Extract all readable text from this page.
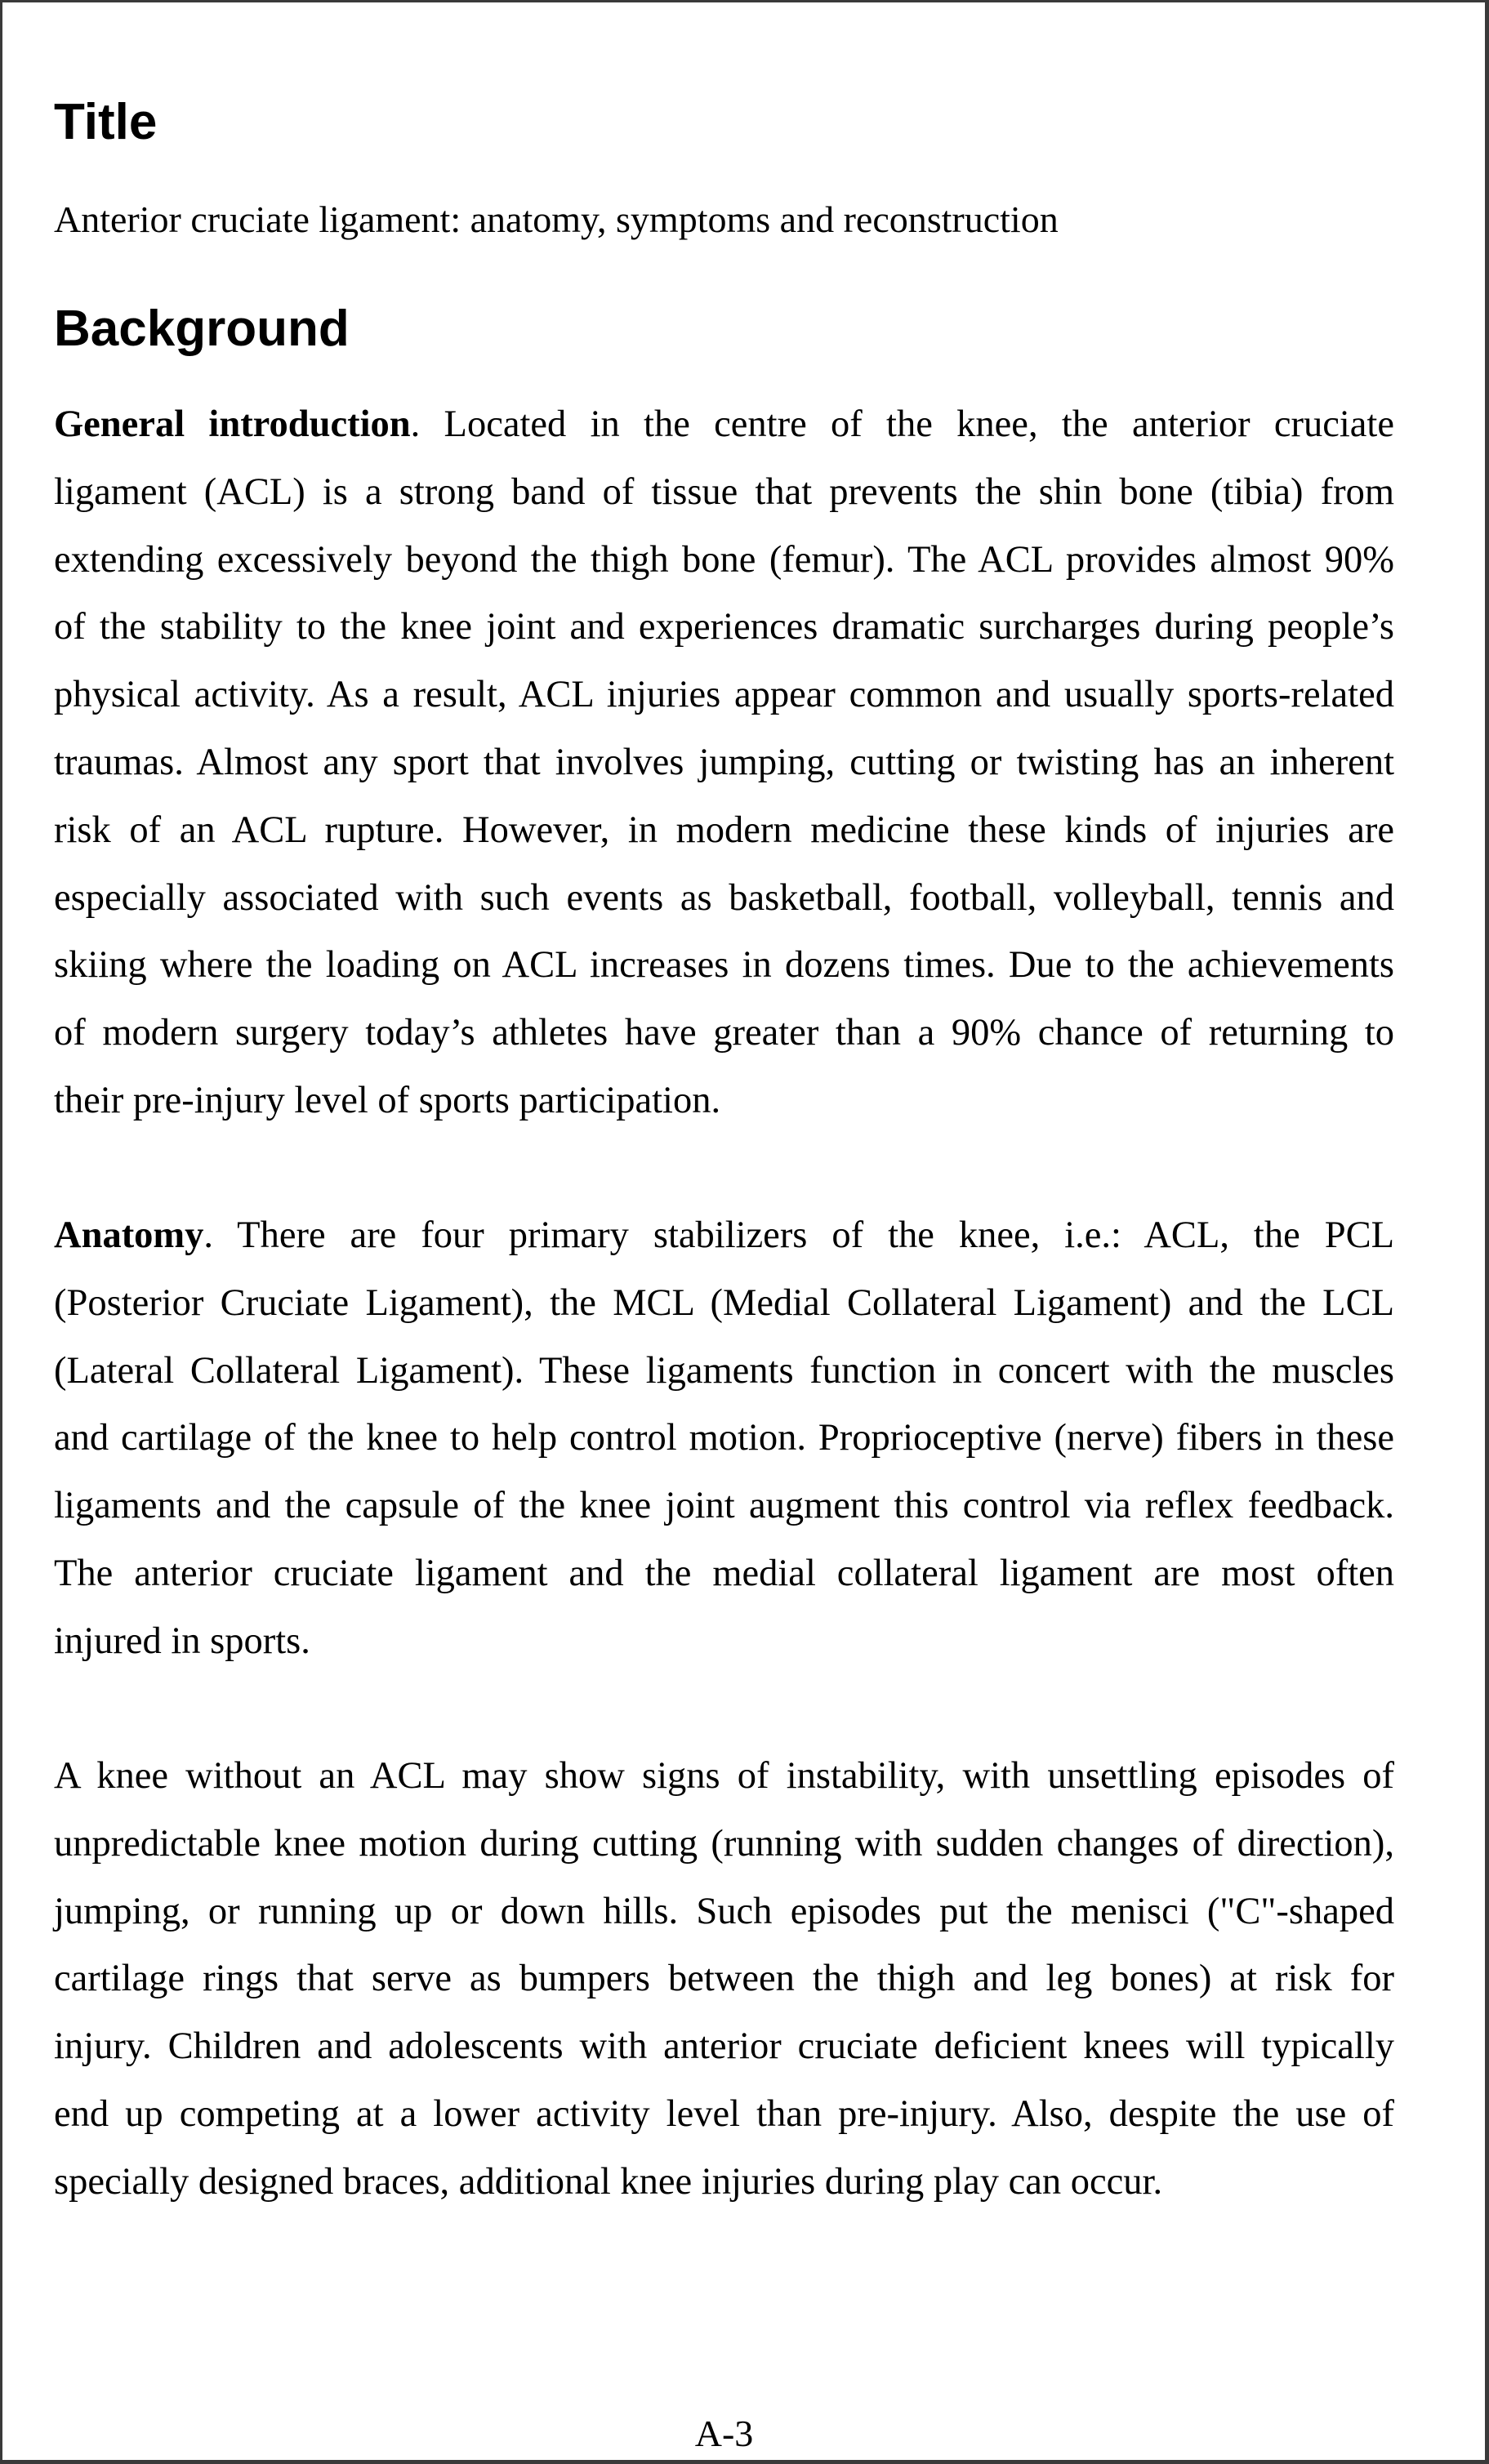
Title

Anterior cruciate ligament: anatomy, symptoms and reconstruction

Background
General introduction. Located in the centre of the knee, the anterior cruciate
ligament (ACL) is a strong band of tissue that prevents the shin bone (tibia) from
extending excessively beyond the thigh bone (femur). The ACL provides almost 90%
of the stability to the knee joint and experiences dramatic surcharges during people’s
physical activity. As a result, ACL injuries appear common and usually sports-related
traumas. Almost any sport that involves jumping, cutting or twisting has an inherent
risk of an ACL rupture. However, in modern medicine these kinds of injuries are
especially associated with such events as basketball, football, volleyball, tennis and
skiing where the loading on ACL increases in dozens times. Due to the achievements
of modern surgery today’s athletes have greater than a 90% chance of returning to
their pre-injury level of sports participation.
Anatomy. There are four primary stabilizers of the knee, i.e.: ACL, the PCL
(Posterior Cruciate Ligament), the MCL (Medial Collateral Ligament) and the LCL
(Lateral Collateral Ligament). These ligaments function in concert with the muscles
and cartilage of the knee to help control motion. Proprioceptive (nerve) fibers in these
ligaments and the capsule of the knee joint augment this control via reflex feedback.
The anterior cruciate ligament and the medial collateral ligament are most often
injured in sports.
A knee without an ACL may show signs of instability, with unsettling episodes of
unpredictable knee motion during cutting (running with sudden changes of direction),
jumping, or running up or down hills. Such episodes put the menisci ("C"-shaped
cartilage rings that serve as bumpers between the thigh and leg bones) at risk for
injury. Children and adolescents with anterior cruciate deficient knees will typically
end up competing at a lower activity level than pre-injury. Also, despite the use of
specially designed braces, additional knee injuries during play can occur.
A-3
